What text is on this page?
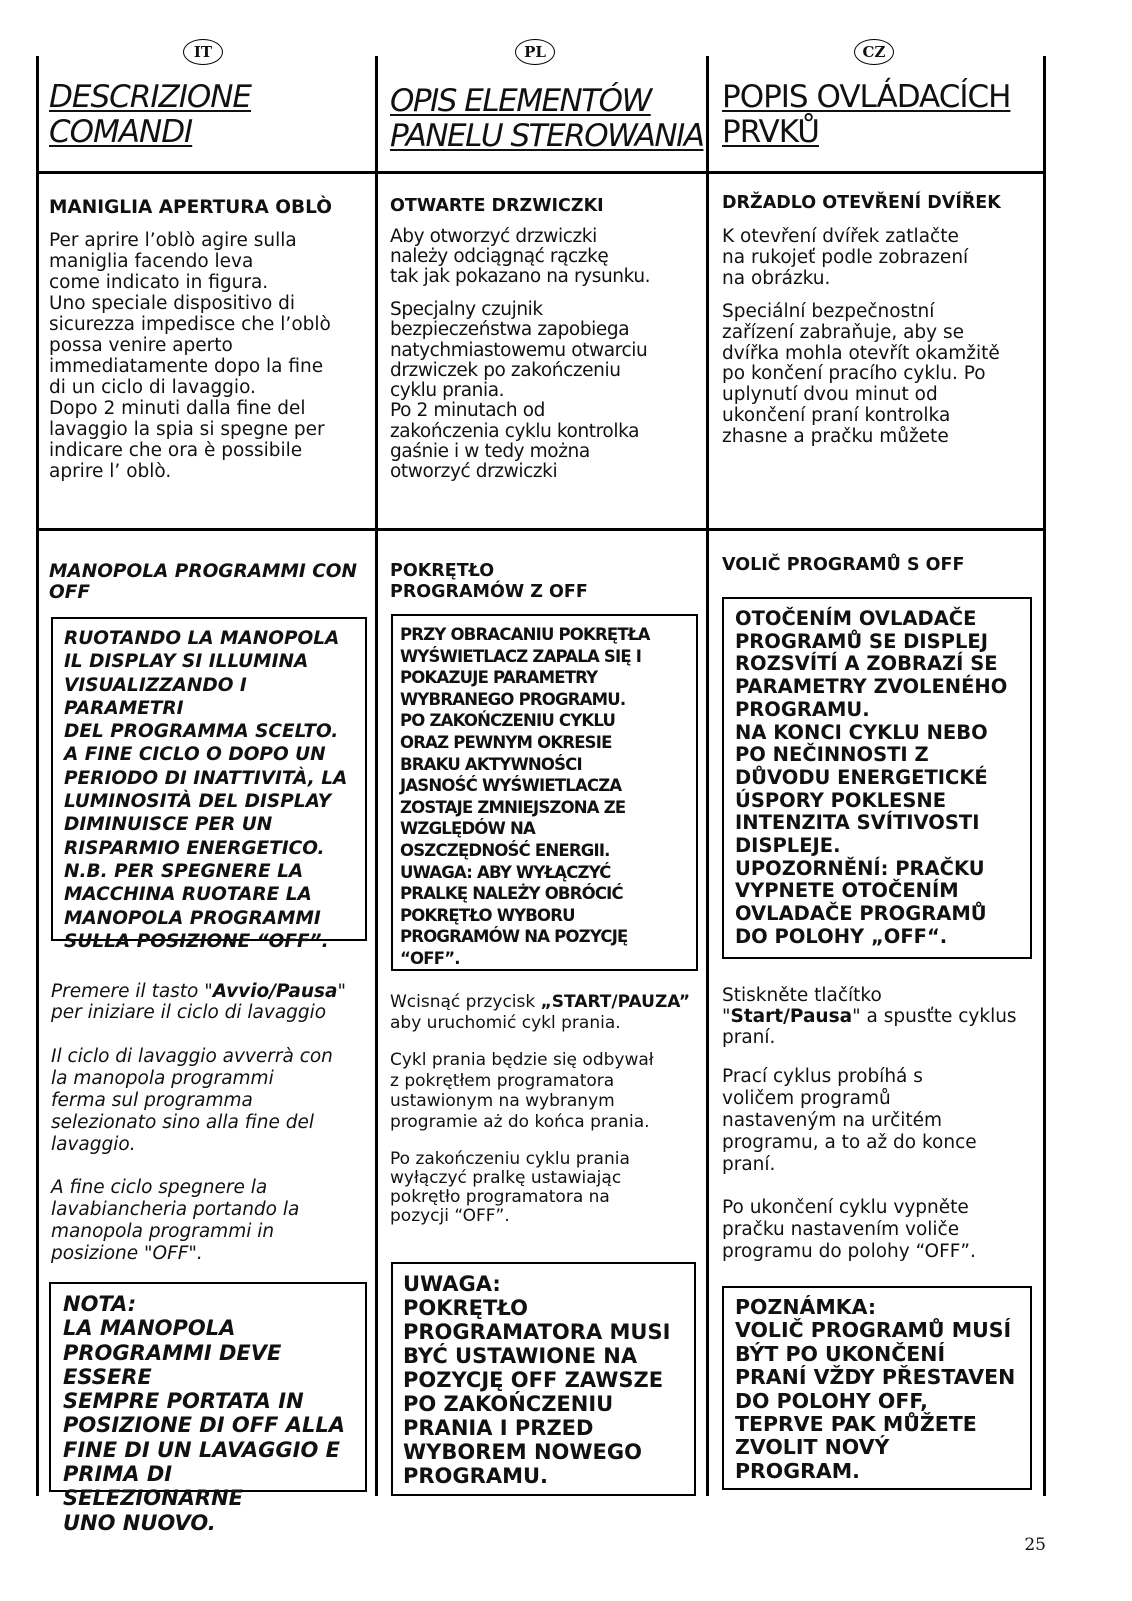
IT
DESCRIZIONE
COMANDI
MANIGLIA APERTURA OBLÒ
Per aprire l’oblò agire sulla
maniglia facendo leva
come indicato in figura.
Uno speciale dispositivo di
sicurezza impedisce che l’oblò
possa venire aperto
immediatamente dopo la fine
di un ciclo di lavaggio.
Dopo 2 minuti dalla fine del
lavaggio la spia si spegne per
indicare che ora è possibile
aprire l’ oblò.
MANOPOLA PROGRAMMI CON
OFF
RUOTANDO LA MANOPOLA
IL DISPLAY SI ILLUMINA
VISUALIZZANDO I PARAMETRI
DEL PROGRAMMA SCELTO.
A FINE CICLO O DOPO UN
PERIODO DI INATTIVITÀ, LA
LUMINOSITÀ DEL DISPLAY
DIMINUISCE PER UN
RISPARMIO ENERGETICO.
N.B. PER SPEGNERE LA
MACCHINA RUOTARE LA
MANOPOLA PROGRAMMI
SULLA POSIZIONE “OFF”.
Premere il tasto "Avvio/Pausa"
per iniziare il ciclo di lavaggio
Il ciclo di lavaggio avverrà con
la manopola programmi
ferma sul programma
selezionato sino alla fine del
lavaggio.
A fine ciclo spegnere la
lavabiancheria portando la
manopola programmi in
posizione "OFF".
NOTA:
LA MANOPOLA
PROGRAMMI DEVE ESSERE
SEMPRE PORTATA IN
POSIZIONE DI OFF ALLA
FINE DI UN LAVAGGIO E
PRIMA DI SELEZIONARNE
UNO NUOVO.
PL
OPIS ELEMENTÓW
PANELU STEROWANIA
OTWARTE DRZWICZKI
Aby otworzyć drzwiczki
należy odciągnąć rączkę
tak jak pokazano na rysunku.
Specjalny czujnik
bezpieczeństwa zapobiega
natychmiastowemu otwarciu
drzwiczek po zakończeniu
cyklu prania.
Po 2 minutach od
zakończenia cyklu kontrolka
gaśnie i w tedy można
otworzyć drzwiczki
POKRĘTŁO
PROGRAMÓW Z OFF
PRZY OBRACANIU POKRĘTŁA
WYŚWIETLACZ ZAPALA SIĘ I
POKAZUJE PARAMETRY
WYBRANEGO PROGRAMU.
PO ZAKOŃCZENIU CYKLU
ORAZ PEWNYM OKRESIE
BRAKU AKTYWNOŚCI
JASNOŚĆ WYŚWIETLACZA
ZOSTAJE ZMNIEJSZONA ZE
WZGLĘDÓW NA
OSZCZĘDNOŚĆ ENERGII.
UWAGA: ABY WYŁĄCZYĆ
PRALKĘ NALEŻY OBRÓCIĆ
POKRĘTŁO WYBORU
PROGRAMÓW NA POZYCJĘ
“OFF”.
Wcisnąć przycisk „START/PAUZA”
aby uruchomić cykl prania.
Cykl prania będzie się odbywał
z pokrętłem programatora
ustawionym na wybranym
programie aż do końca prania.
Po zakończeniu cyklu prania
wyłączyć pralkę ustawiając
pokrętło programatora na
pozycji “OFF”.
UWAGA:
POKRĘTŁO
PROGRAMATORA MUSI
BYĆ USTAWIONE NA
POZYCJĘ OFF ZAWSZE
PO ZAKOŃCZENIU
PRANIA I PRZED
WYBOREM NOWEGO
PROGRAMU.
CZ
POPIS OVLÁDACÍCH
PRVKŮ
DRŽADLO OTEVŘENÍ DVÍŘEK
K otevření dvířek zatlačte
na rukojeť podle zobrazení
na obrázku.
Speciální bezpečnostní
zařízení zabraňuje, aby se
dvířka mohla otevřít okamžitě
po končení pracího cyklu. Po
uplynutí dvou minut od
ukončení praní kontrolka
zhasne a pračku můžete
VOLIČ PROGRAMŮ S OFF
OTOČENÍM OVLADAČE
PROGRAMŮ SE DISPLEJ
ROZSVÍTÍ A ZOBRAZÍ SE
PARAMETRY ZVOLENÉHO
PROGRAMU.
NA KONCI CYKLU NEBO
PO NEČINNOSTI Z
DŮVODU ENERGETICKÉ
ÚSPORY POKLESNE
INTENZITA SVÍTIVOSTI
DISPLEJE.
UPOZORNĚNÍ: PRAČKU
VYPNETE OTOČENÍM
OVLADAČE PROGRAMŮ
DO POLOHY „OFF“.
Stiskněte tlačítko
"Start/Pausa" a spusťte cyklus
praní.
Prací cyklus probíhá s
voličem programů
nastaveným na určitém
programu, a to až do konce
praní.
Po ukončení cyklu vypněte
pračku nastavením voliče
programu do polohy “OFF”.
POZNÁMKA:
VOLIČ PROGRAMŮ MUSÍ
BÝT PO UKONČENÍ
PRANÍ VŽDY PŘESTAVEN
DO POLOHY OFF,
TEPRVE PAK MŮŽETE
ZVOLIT NOVÝ
PROGRAM.
25
